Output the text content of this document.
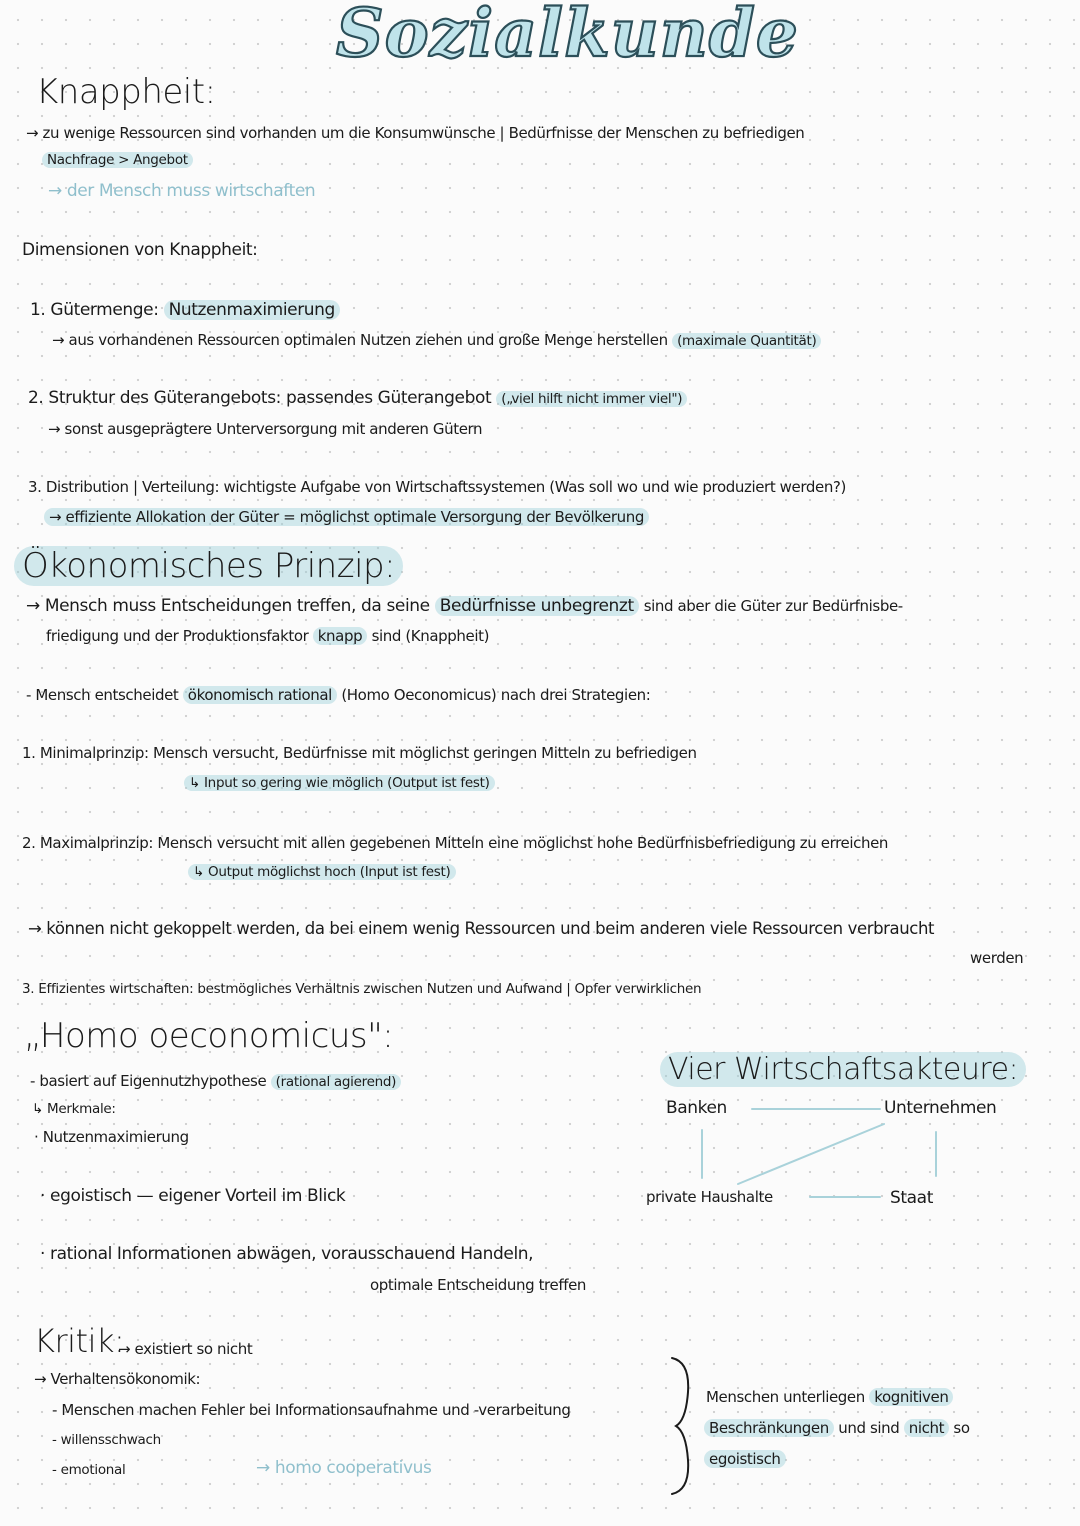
Sozialkunde
Knappheit:
→ zu wenige Ressourcen sind vorhanden um die Konsumwünsche | Bedürfnisse der Menschen zu befriedigen
Nachfrage > Angebot
→ der Mensch muss wirtschaften
Dimensionen von Knappheit:
1. Gütermenge: Nutzenmaximierung
→ aus vorhandenen Ressourcen optimalen Nutzen ziehen und große Menge herstellen (maximale Quantität)
2. Struktur des Güterangebots: passendes Güterangebot („viel hilft nicht immer viel")
→ sonst ausgeprägtere Unterversorgung mit anderen Gütern
3. Distribution | Verteilung: wichtigste Aufgabe von Wirtschaftssystemen (Was soll wo und wie produziert werden?)
→ effiziente Allokation der Güter = möglichst optimale Versorgung der Bevölkerung
Ökonomisches Prinzip:
→ Mensch muss Entscheidungen treffen, da seine Bedürfnisse unbegrenzt sind aber die Güter zur Bedürfnisbe-
friedigung und der Produktionsfaktor knapp sind (Knappheit)
- Mensch entscheidet ökonomisch rational (Homo Oeconomicus) nach drei Strategien:
1. Minimalprinzip: Mensch versucht, Bedürfnisse mit möglichst geringen Mitteln zu befriedigen
↳ Input so gering wie möglich (Output ist fest)
2. Maximalprinzip: Mensch versucht mit allen gegebenen Mitteln eine möglichst hohe Bedürfnisbefriedigung zu erreichen
↳ Output möglichst hoch (Input ist fest)
→ können nicht gekoppelt werden, da bei einem wenig Ressourcen und beim anderen viele Ressourcen verbraucht
werden
3. Effizientes wirtschaften: bestmögliches Verhältnis zwischen Nutzen und Aufwand | Opfer verwirklichen
„Homo oeconomicus":
- basiert auf Eigennutzhypothese (rational agierend)
↳ Merkmale:
· Nutzenmaximierung
· egoistisch — eigener Vorteil im Blick
· rational Informationen abwägen, vorausschauend Handeln,
optimale Entscheidung treffen
Vier Wirtschaftsakteure:
Banken	Unternehmen
private Haushalte	Staat
Kritik:
→ existiert so nicht
→ Verhaltensökonomik:
- Menschen machen Fehler bei Informationsaufnahme und -verarbeitung
- willensschwach
- emotional	→ homo cooperativus
Menschen unterliegen kognitiven
Beschränkungen und sind nicht so
egoistisch
